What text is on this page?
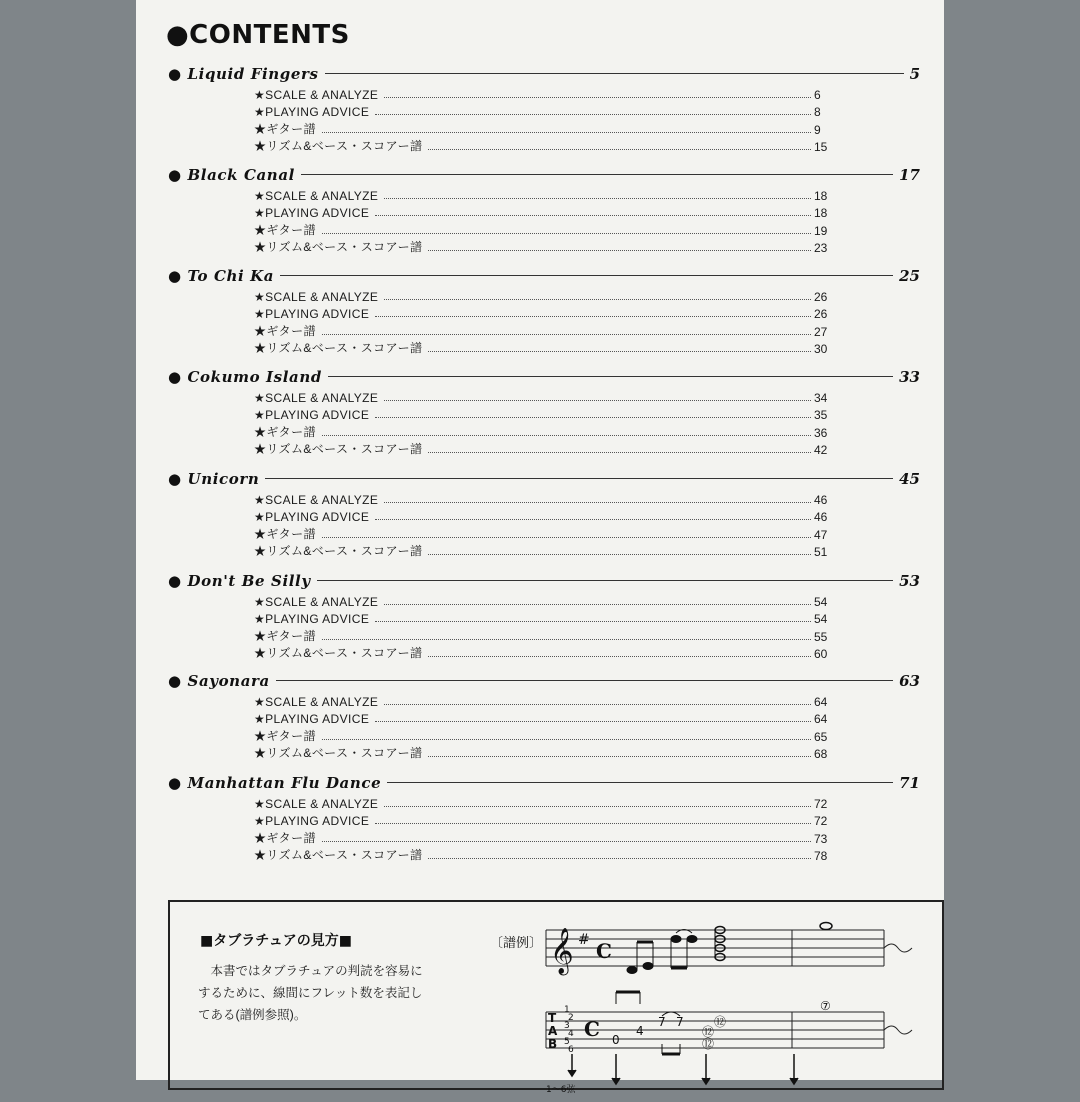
●CONTENTS
● Liquid Fingers	5
★SCALE & ANALYZE	6
★PLAYING ADVICE	8
★ギター譜	9
★リズム&ベース・スコアー譜	15
● Black Canal	17
★SCALE & ANALYZE	18
★PLAYING ADVICE	18
★ギター譜	19
★リズム&ベース・スコアー譜	23
● To Chi Ka	25
★SCALE & ANALYZE	26
★PLAYING ADVICE	26
★ギター譜	27
★リズム&ベース・スコアー譜	30
● Cokumo Island	33
★SCALE & ANALYZE	34
★PLAYING ADVICE	35
★ギター譜	36
★リズム&ベース・スコアー譜	42
● Unicorn	45
★SCALE & ANALYZE	46
★PLAYING ADVICE	46
★ギター譜	47
★リズム&ベース・スコアー譜	51
● Don't Be Silly	53
★SCALE & ANALYZE	54
★PLAYING ADVICE	54
★ギター譜	55
★リズム&ベース・スコアー譜	60
● Sayonara	63
★SCALE & ANALYZE	64
★PLAYING ADVICE	64
★ギター譜	65
★リズム&ベース・スコアー譜	68
● Manhattan Flu Dance	71
★SCALE & ANALYZE	72
★PLAYING ADVICE	72
★ギター譜	73
★リズム&ベース・スコアー譜	78
■タブラチュアの見方■
本書ではタブラチュアの判読を容易にするために、線間にフレット数を表記してある(譜例参照)。
〔譜例〕 𝄞 # C
T
A
B
1
2
3
4
5
6
C 0
4
7 7	⑫
⑫
⑫
⑦
1～6弦
